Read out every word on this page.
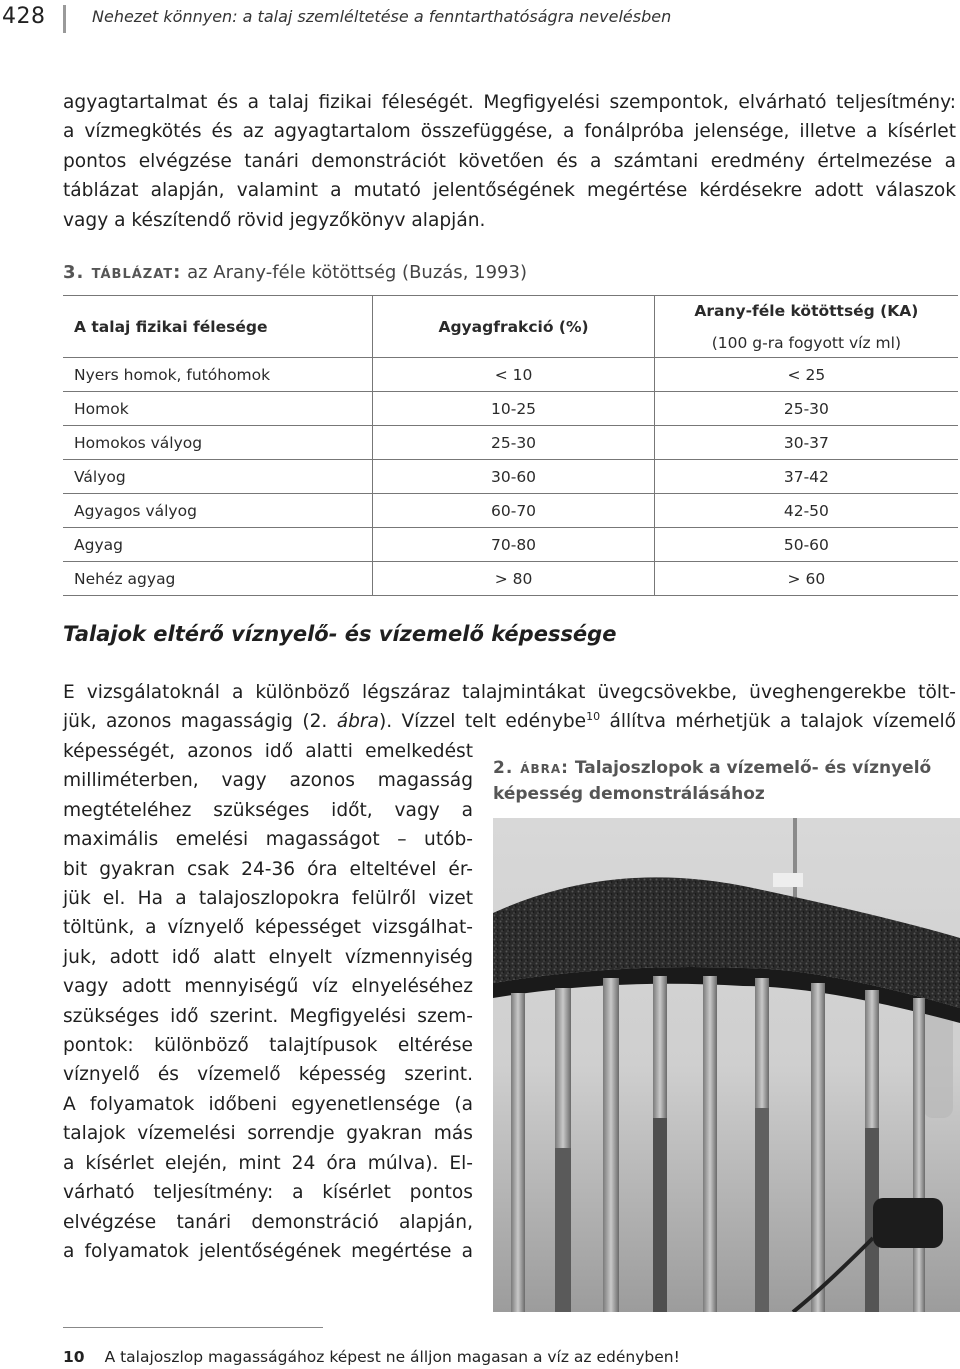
428	Nehezet könnyen: a talaj szemléltetése a fenntarthatóságra nevelésben

agyagtartalmat és a talaj fizikai féleségét. Megfigyelési szempontok, elvárható teljesítmény:
a vízmegkötés és az agyagtartalom összefüggése, a fonálpróba jelensége, illetve a kísérlet
pontos elvégzése tanári demonstrációt követően és a számtani eredmény értelmezése a
táblázat alapján, valamint a mutató jelentőségének megértése kérdésekre adott válaszok
vagy a készítendő rövid jegyzőkönyv alapján.

3. táblázat: az Arany-féle kötöttség (Buzás, 1993)
A talaj fizikai félesége	Agyagfrakció (%)	Arany-féle kötöttség (KA)
(100 g-ra fogyott víz ml)

Nyers homok, futóhomok	< 10	< 25
Homok	10-25	25-30
Homokos vályog	25-30	30-37
Vályog	30-60	37-42
Agyagos vályog	60-70	42-50
Agyag	70-80	50-60
Nehéz agyag	> 80	> 60
Talajok eltérő víznyelő- és vízemelő képessége

E vizsgálatoknál a különböző légszáraz talajmintákat üvegcsövekbe, üveghengerekbe tölt-
jük, azonos magasságig (2. ábra). Vízzel telt edénybe$^{10}$ állítva mérhetjük a talajok vízemelő

képességét, azonos idő alatti emelkedést
milliméterben, vagy azonos magasság
megtételéhez szükséges időt, vagy a
maximális emelési magasságot – utób-
bit gyakran csak 24-36 óra elteltével ér-
jük el. Ha a talajoszlopokra felülről vizet
töltünk, a víznyelő képességet vizsgálhat-
juk, adott idő alatt elnyelt vízmennyiség
vagy adott mennyiségű víz elnyeléséhez
szükséges idő szerint. Megfigyelési szem-
pontok: különböző talajtípusok eltérése
víznyelő és vízemelő képesség szerint.
A folyamatok időbeni egyenetlensége (a
talajok vízemelési sorrendje gyakran más
a kísérlet elején, mint 24 óra múlva). El-
várható teljesítmény: a kísérlet pontos
elvégzése tanári demonstráció alapján,
a folyamatok jelentőségének megértése a

2. ábra: Talajoszlopok a vízemelő- és víznyelő képesség demonstrálásához
10 A talajoszlop magasságához képest ne álljon magasan a víz az edényben!
